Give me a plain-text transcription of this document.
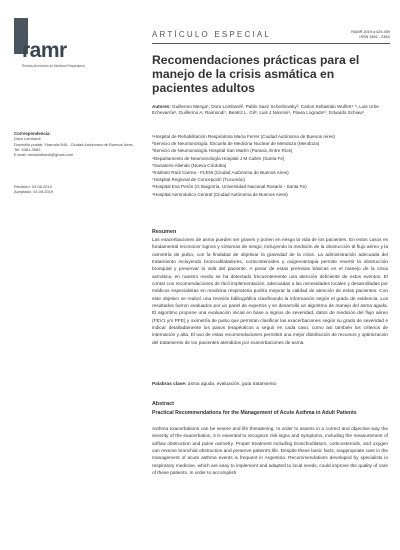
ramr
Revista Americana de Medicina Respiratoria
Correspondencia:
Dora Lombardi
Domicilio postal: Ybarrola 845 - Ciudad Autónoma de Buenos Aires
Tel: 4381-2562
E-mail: doralombardi@gmail.com
Recibido: 03.06.2019
Aceptado: 04.08.2019
ARTÍCULO ESPECIAL	RAMR 2019;4:429-459
ISSN 1852 - 236X
Recomendaciones prácticas para el manejo de la crisis asmática en pacientes adultos
Autores: Guillermo Menga¹, Dora Lombardi², Pablo Saez Scherbovsky³, Carlos Sebastián Wulfert⁴ ⁵, Luis Urbe Echevarría⁶, Guillermo A. Raimondi⁷, Beatriz L. Gil⁸, Luis J Nannini⁹, Flavia Logrado¹⁰, Eduardo Schiavi¹
¹Hospital de Rehabilitación Respiratoria María Ferrer (Ciudad Autónoma de Buenos Aires)
²Servicio de Neumonología. Escuela de Medicina Nuclear de Mendoza (Mendoza)
³Servicio de Neumonología Hospital San Martín (Paraná, Entre Ríos)
⁴Departamento de Neumonología Hospital J M Cullen (Santa Fe)
⁵Sanatorio Allende (Nueva Córdoba)
⁶Instituto Raúl Carrea - FLENI (Ciudad Autónoma de Buenos Aires)
⁷Hospital Regional de Concepción (Tucumán)
⁸Hospital Eva Perón (G Baigorria, Universidad Nacional Rosario - Santa Fe)
⁹Hospital Aeronáutico Central (Ciudad Autónoma de Buenos Aires)
Resumen
Las exacerbaciones de asma pueden ser graves y ponen en riesgo la vida de los pacientes. En estos casos es fundamental reconocer signos y síntomas de riesgo, incluyendo la medición de la obstrucción al flujo aéreo y la oximetría de pulso, con la finalidad de objetivar la gravedad de la crisis. La administración adecuada del tratamiento incluyendo broncodilatadores, corticosteroides y oxigenoterapia permite revertir la obstrucción bronquial y preservar la vida del paciente. A pesar de estas premisas básicas en el manejo de la crisis asmática, en nuestro medio se ha detectado frecuentemente una atención deficiente de estos eventos. El contar con recomendaciones de fácil implementación, adecuadas a las necesidades locales y desarrolladas por médicos especialistas en medicina respiratoria podría mejorar la calidad de atención de estos pacientes. Con este objetivo se realizó una revisión bibliográfica clasificando la información según el grado de evidencia. Los resultados fueron evaluados por un panel de expertos y se desarrolló un algoritmo de manejo del asma aguda. El algoritmo propone una evaluación inicial en base a signos de severidad, datos de medición del flujo aéreo (FEV1 y/o PFE) y oximetría de pulso que permitan clasificar las exacerbaciones según su grado de severidad e indicar detalladamente los pasos terapéuticos a seguir en cada caso, como así también los criterios de internación y alta. El uso de estas recomendaciones permitirá una mejor distribución de recursos y optimización del tratamiento de los pacientes atendidos por exacerbaciones de asma.
Palabras clave: asma aguda, evaluación, guía tratamiento
Abstract
Practical Recommendations for the Management of Acute Asthma in Adult Patients
Asthma exacerbations can be severe and life threatening. In order to assess in a correct and objective way the severity of the exacerbation, it is essential to recognize risk signs and symptoms, including the measurement of airflow obstruction and pulse oximetry. Proper treatment including bronchodilators, corticosteroids, and oxygen can reverse bronchial obstruction and preserve patient's life. Despite these basic facts, inappropriate care in the management of acute asthma events is frequent in Argentina. Recommendations developed by specialists in respiratory medicine, which are easy to implement and adapted to local needs, could improve the quality of care of these patients. In order to accomplish
